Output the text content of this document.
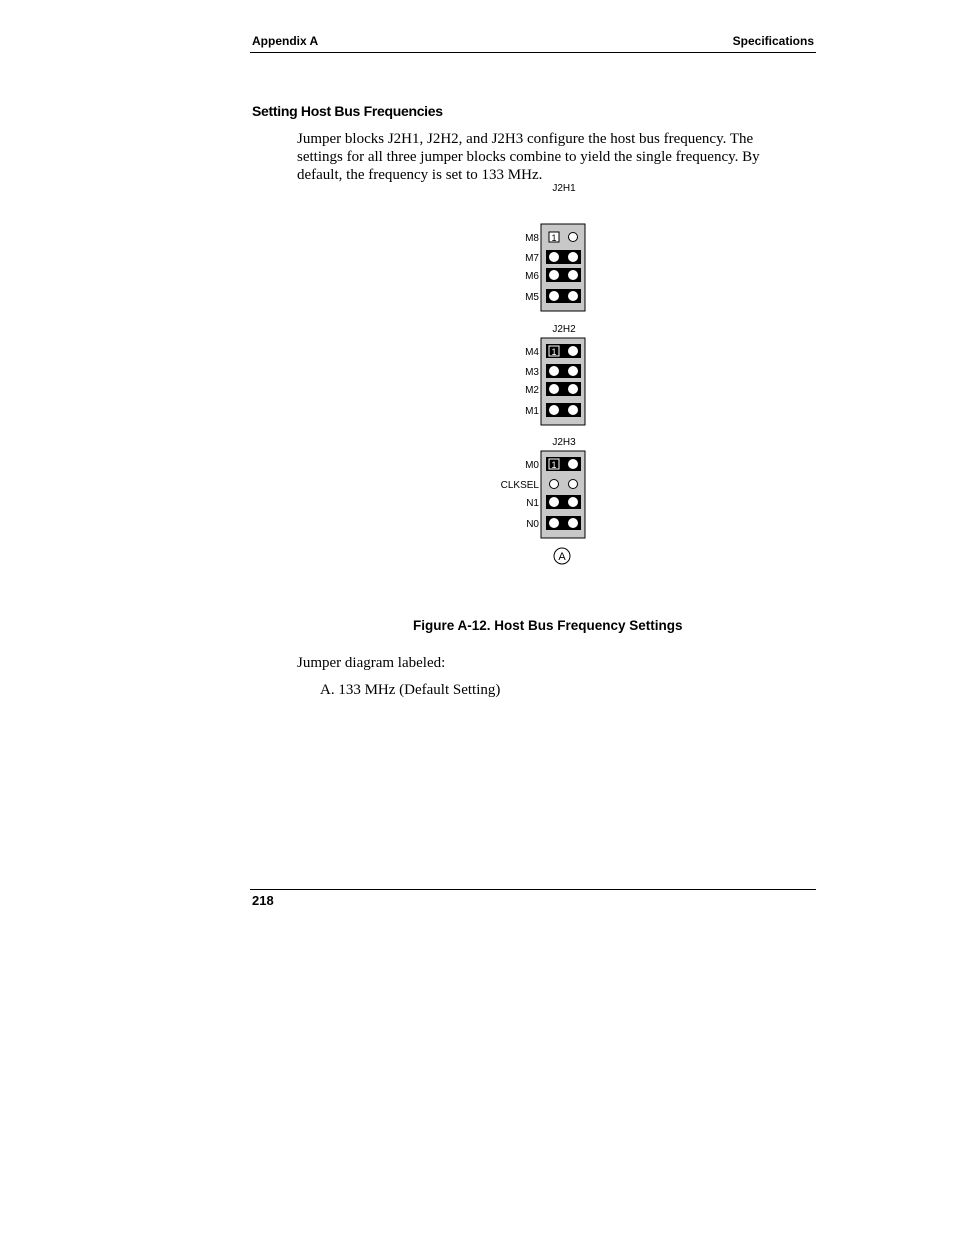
Appendix A	Specifications
Setting Host Bus Frequencies
Jumper blocks J2H1, J2H2, and J2H3 configure the host bus frequency. The
settings for all three jumper blocks combine to yield the single frequency. By
default, the frequency is set to 133 MHz.
J2H1
M8 1
M7
M6
M5
J2H2
M4 1
M3
M2
M1
J2H3
M0 1
CLKSEL
N1
N0
A
Figure A-12. Host Bus Frequency Settings
Jumper diagram labeled:
A. 133 MHz (Default Setting)
218
